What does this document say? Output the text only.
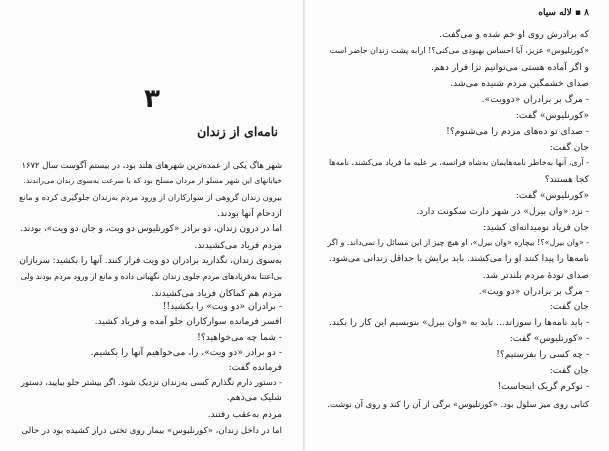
۳
نامه‌ای از زندان
شهر هاگ یکی از عمده‌ترین شهرهای هلند بود، در بیستم آگوست سال ۱۶۷۲
خیابانهای این شهر مسلو از مردان مسلح بود که با سرعت به‌سوی زندان می‌راندند.
بیرون زندان گروهی از سوارکاران از ورود مردم به‌زندان جلوگیری کرده و مانع
ازدحام آنها بودند.
اما در درون زندان، دو برادر «کورنلیوس دو ویت، و جان دو ویت»، بودند.
مردم فریاد می‌کشیدند.
به‌سوی زندان، نگذارید برادران دو ویت فرار کنند. آنها را بکشید: سربازان
بی‌اعتنا به‌فریادهای مردم جلوی زندان نگهبانی داده و مانع از ورود مردم بودند ولی
مردم هم کماکان فریاد می‌کشیدند.
- برادران «دو ویت» را بکشید!!
افسر فرمانده سوارکاران جلو آمده و فریاد کشید.
- شما چه می‌خواهید؟!
- دو برادر «دو ویت»، را، می‌خواهیم آنها را بکشیم.
فرمانده گفت:
- دستور دارم نگذارم کسی به‌زندان نزدیک شود. اگر بیشتر جلو بیایید، دستور
شلیک می‌دهم.
مردم به‌عقب رفتند.
اما در داخل زندان، «کورنلیوس» بیمار روی تختی دراز کشیده بود در حالی
۸ ▪ لاله سیاه
که برادرش روی او خم شده و می‌گفت.
«کورنلیوس» عزیز، آیا احساس بهبودی می‌کنی؟! ارابه پشت زندان حاضر است
و اگر آماده هستی می‌توانیم تزا فرار دهم.
صدای خشمگین مردم شنیده می‌شد.
- مرگ بر برادران «دوویت».
«کورنلیوس» گفت:
- صدای تو ده‌های مردم را می‌شنوم؟!
جان گفت:
- آری، آنها به‌خاطر نامه‌هایمان به‌شاه فرانسه، بر علیه ما فریاد می‌کشند، نامه‌ها
کجا هستند؟
«کورنلیوس» گفت:
- نزد «وان بیرل» در شهر دارت سکونت دارد.
جان فریاد نومیدانه‌ای کشید:
- «وان بیرل»؟! بیچاره «وان بیرل»، او هیچ چیز از این مسائل را نمی‌داند. و اگر
نامه‌ها را پیدا کنند او را می‌کشند. باید برایش یا حداقل زندانی می‌شود.
صدای تودهٔ مردم بلندتر شد.
- مرگ بر برادران «دو ویت».
جان گفت:
- باید نامه‌ها را سوزاند... باید به «وان بیرل» بنویسیم این کار را بکند.
- «کورنلیوس» گفت:
- چه کسی را بفرستیم؟!
جان گفت:
- نوکرم گریک اینجاست!
کتابی روی میز سلول بود. «کورنلیوس» برگی از آن را کند و روی آن نوشت.
